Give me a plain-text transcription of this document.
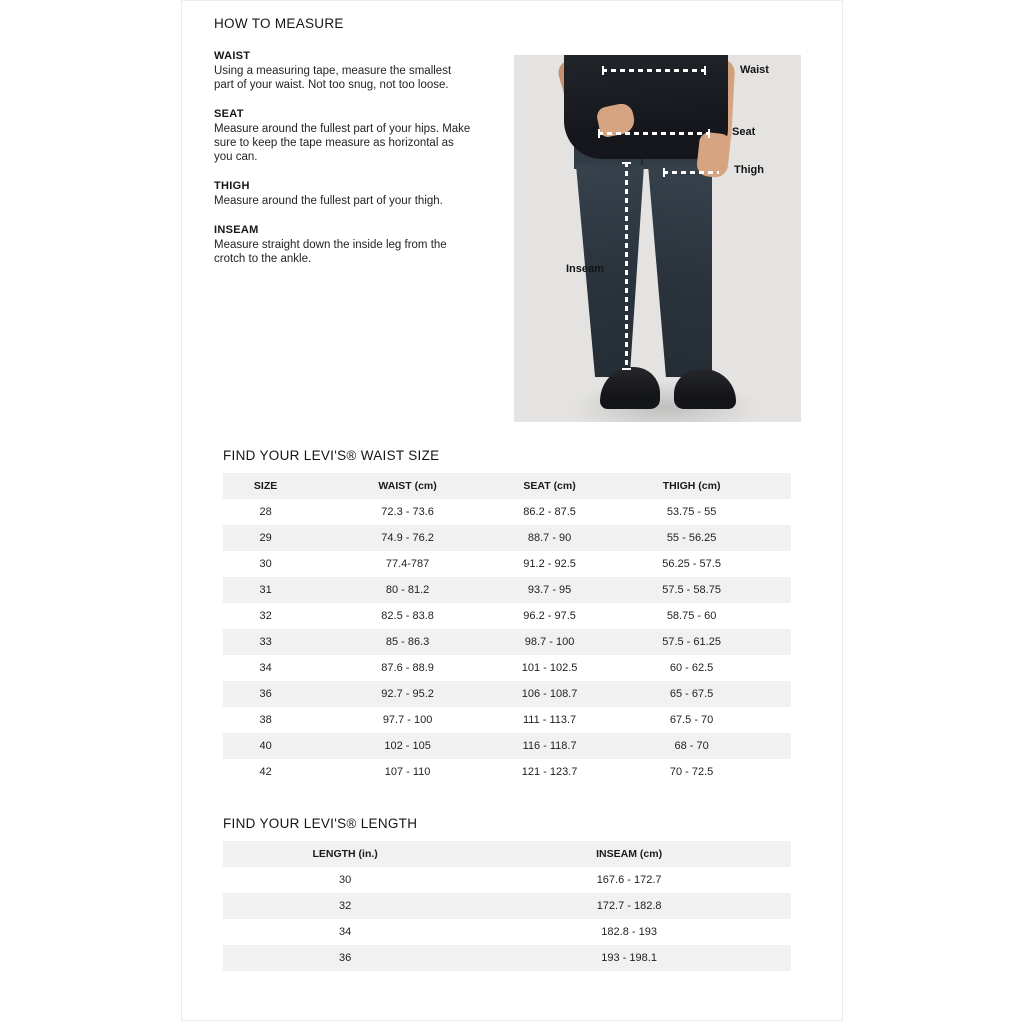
HOW TO MEASURE
WAIST
Using a measuring tape, measure the smallest part of your waist. Not too snug, not too loose.
SEAT
Measure around the fullest part of your hips. Make sure to keep the tape measure as horizontal as you can.
THIGH
Measure around the fullest part of your thigh.
INSEAM
Measure straight down the inside leg from the crotch to the ankle.
Waist
Seat
Thigh
Inseam
FIND YOUR LEVI'S® WAIST SIZE
SIZE	WAIST (cm)	SEAT (cm)	THIGH (cm)
28	72.3 - 73.6	86.2 - 87.5	53.75 - 55
29	74.9 - 76.2	88.7 - 90	55 - 56.25
30	77.4-787	91.2 - 92.5	56.25 - 57.5
31	80 - 81.2	93.7 - 95	57.5 - 58.75
32	82.5 - 83.8	96.2 - 97.5	58.75 - 60
33	85 - 86.3	98.7 - 100	57.5 - 61.25
34	87.6 - 88.9	101 - 102.5	60 - 62.5
36	92.7 - 95.2	106 - 108.7	65 - 67.5
38	97.7 - 100	111 - 113.7	67.5 - 70
40	102 - 105	116 - 118.7	68 - 70
42	107 - 110	121 - 123.7	70 - 72.5
FIND YOUR LEVI'S® LENGTH
LENGTH (in.)	INSEAM (cm)
30	167.6 - 172.7
32	172.7 - 182.8
34	182.8 - 193
36	193 - 198.1
